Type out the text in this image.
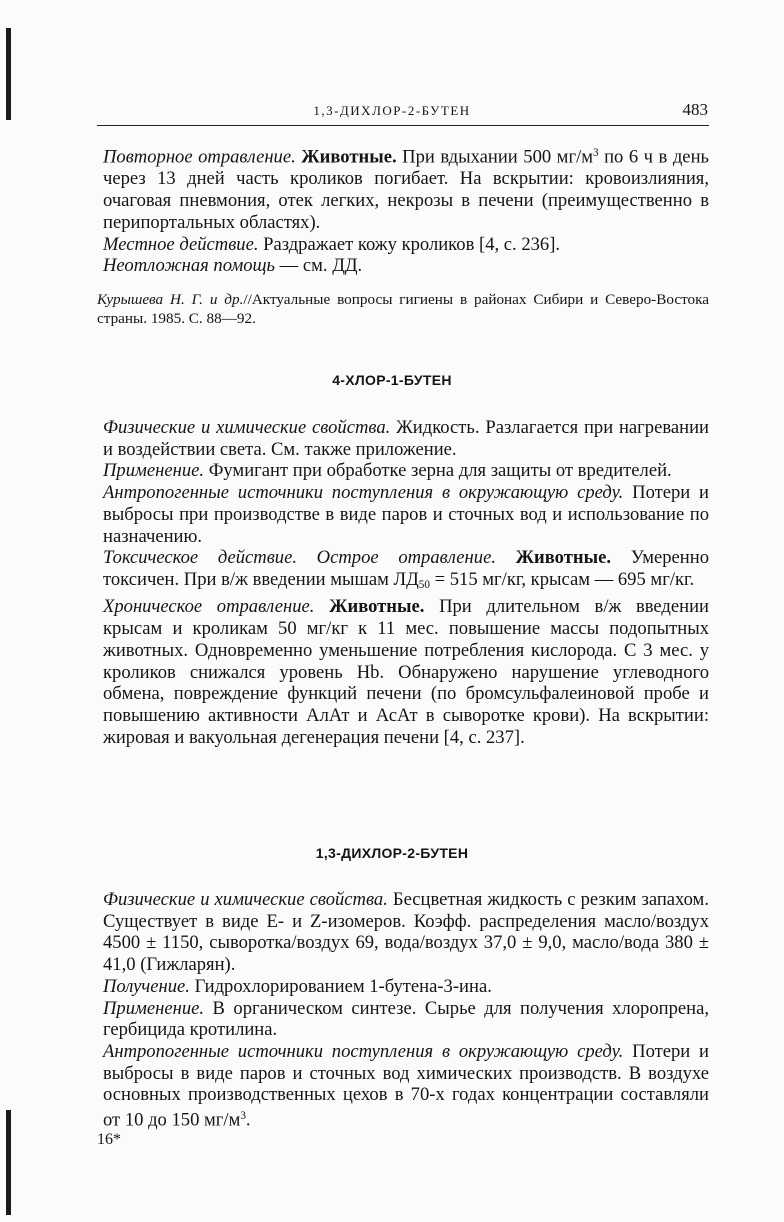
1,3-ДИХЛОР-2-БУТЕН	483

Повторное отравление. Животные. При вдыхании 500 $мг/м^3$ по 6 ч в день через 13 дней часть кроликов погибает. На вскрытии: кровоизлияния, очаговая пневмония, отек легких, некрозы в печени (преимущественно в перипортальных областях).

Местное действие. Раздражает кожу кроликов [4, с. 236].

Неотложная помощь — см. ДД.

Курышева Н. Г. и др.//Актуальные вопросы гигиены в районах Сибири и Северо-Востока страны. 1985. С. 88—92.
4-ХЛОР-1-БУТЕН

Физические и химические свойства. Жидкость. Разлагается при нагревании и воздействии света. См. также приложение.

Применение. Фумигант при обработке зерна для защиты от вредителей.

Антропогенные источники поступления в окружающую среду. Потери и выбросы при производстве в виде паров и сточных вод и использование по назначению.

Токсическое действие. Острое отравление. Животные. Умеренно токсичен. При в/ж введении мышам $ЛД_{50} = 515$ мг/кг, крысам — 695 мг/кг.

Хроническое отравление. Животные. При длительном в/ж введении крысам и кроликам 50 мг/кг к 11 мес. повышение массы подопытных животных. Одновременно уменьшение потребления кислорода. С 3 мес. у кроликов снижался уровень Hb. Обнаружено нарушение углеводного обмена, повреждение функций печени (по бромсульфалеиновой пробе и повышению активности АлАт и АсАт в сыворотке крови). На вскрытии: жировая и вакуольная дегенерация печени [4, с. 237].

1,3-ДИХЛОР-2-БУТЕН

Физические и химические свойства. Бесцветная жидкость с резким запахом. Существует в виде E- и Z-изомеров. Коэфф. распределения масло/воздух 4500 ± 1150, сыворотка/воздух 69, вода/воздух 37,0 ± 9,0, масло/вода 380 ± 41,0 (Гижларян).

Получение. Гидрохлорированием 1-бутена-3-ина.

Применение. В органическом синтезе. Сырье для получения хлоропрена, гербицида кротилина.

Антропогенные источники поступления в окружающую среду. Потери и выбросы в виде паров и сточных вод химических производств. В воздухе основных производственных цехов в 70-х годах концентрации составляли от 10 до 150 $мг/м^3$.

16*
